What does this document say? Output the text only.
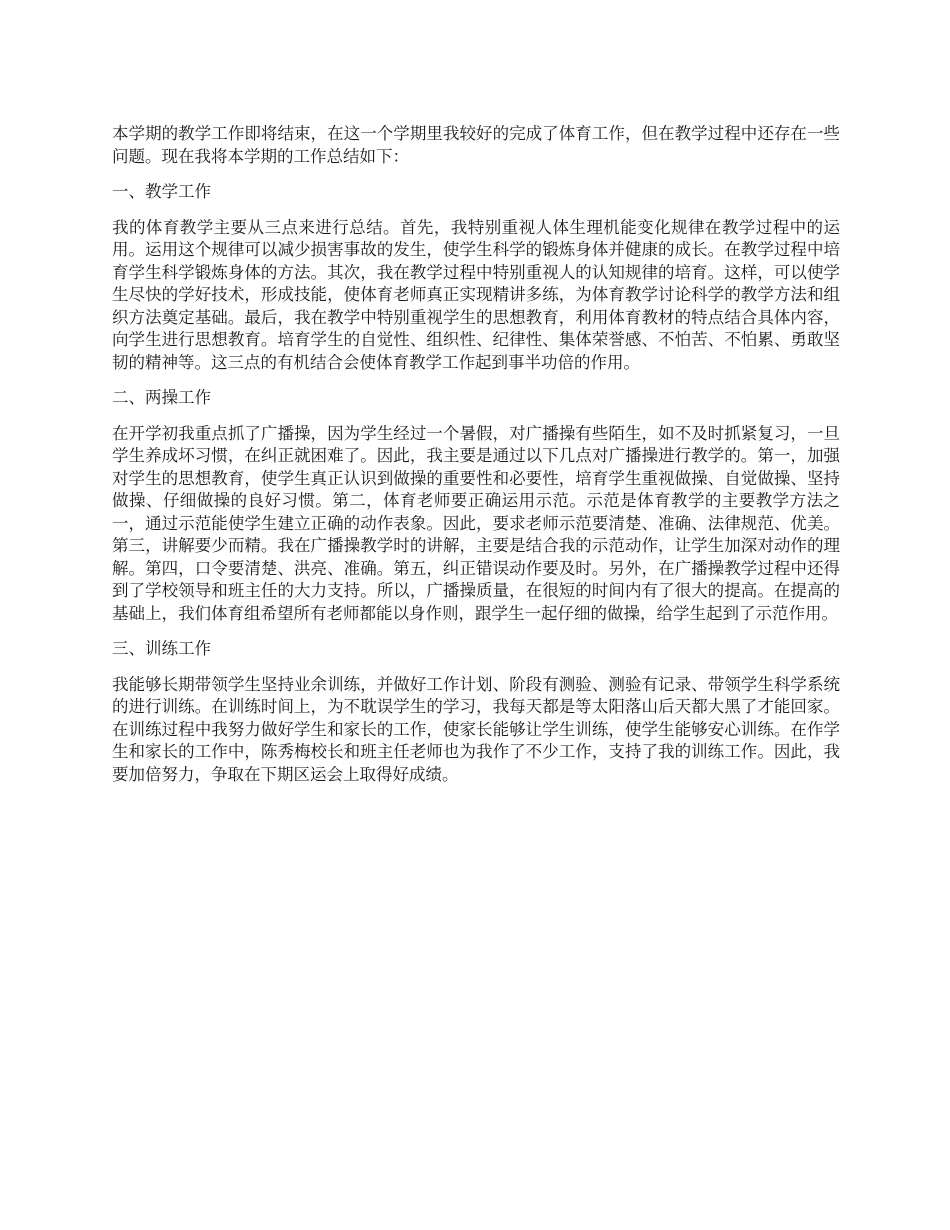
本学期的教学工作即将结束，在这一个学期里我较好的完成了体育工作，但在教学过程中还存在一些问题。现在我将本学期的工作总结如下：

一、教学工作

我的体育教学主要从三点来进行总结。首先，我特别重视人体生理机能变化规律在教学过程中的运用。运用这个规律可以减少损害事故的发生，使学生科学的锻炼身体并健康的成长。在教学过程中培育学生科学锻炼身体的方法。其次，我在教学过程中特别重视人的认知规律的培育。这样，可以使学生尽快的学好技术，形成技能，使体育老师真正实现精讲多练，为体育教学讨论科学的教学方法和组织方法奠定基础。最后，我在教学中特别重视学生的思想教育，利用体育教材的特点结合具体内容，向学生进行思想教育。培育学生的自觉性、组织性、纪律性、集体荣誉感、不怕苦、不怕累、勇敢坚韧的精神等。这三点的有机结合会使体育教学工作起到事半功倍的作用。

二、两操工作

在开学初我重点抓了广播操，因为学生经过一个暑假，对广播操有些陌生，如不及时抓紧复习，一旦学生养成坏习惯，在纠正就困难了。因此，我主要是通过以下几点对广播操进行教学的。第一，加强对学生的思想教育，使学生真正认识到做操的重要性和必要性，培育学生重视做操、自觉做操、坚持做操、仔细做操的良好习惯。第二，体育老师要正确运用示范。示范是体育教学的主要教学方法之一，通过示范能使学生建立正确的动作表象。因此，要求老师示范要清楚、准确、法律规范、优美。第三，讲解要少而精。我在广播操教学时的讲解，主要是结合我的示范动作，让学生加深对动作的理解。第四，口令要清楚、洪亮、准确。第五，纠正错误动作要及时。另外，在广播操教学过程中还得到了学校领导和班主任的大力支持。所以，广播操质量，在很短的时间内有了很大的提高。在提高的基础上，我们体育组希望所有老师都能以身作则，跟学生一起仔细的做操，给学生起到了示范作用。

三、训练工作

我能够长期带领学生坚持业余训练，并做好工作计划、阶段有测验、测验有记录、带领学生科学系统的进行训练。在训练时间上，为不耽误学生的学习，我每天都是等太阳落山后天都大黑了才能回家。在训练过程中我努力做好学生和家长的工作，使家长能够让学生训练，使学生能够安心训练。在作学生和家长的工作中，陈秀梅校长和班主任老师也为我作了不少工作，支持了我的训练工作。因此，我要加倍努力，争取在下期区运会上取得好成绩。
